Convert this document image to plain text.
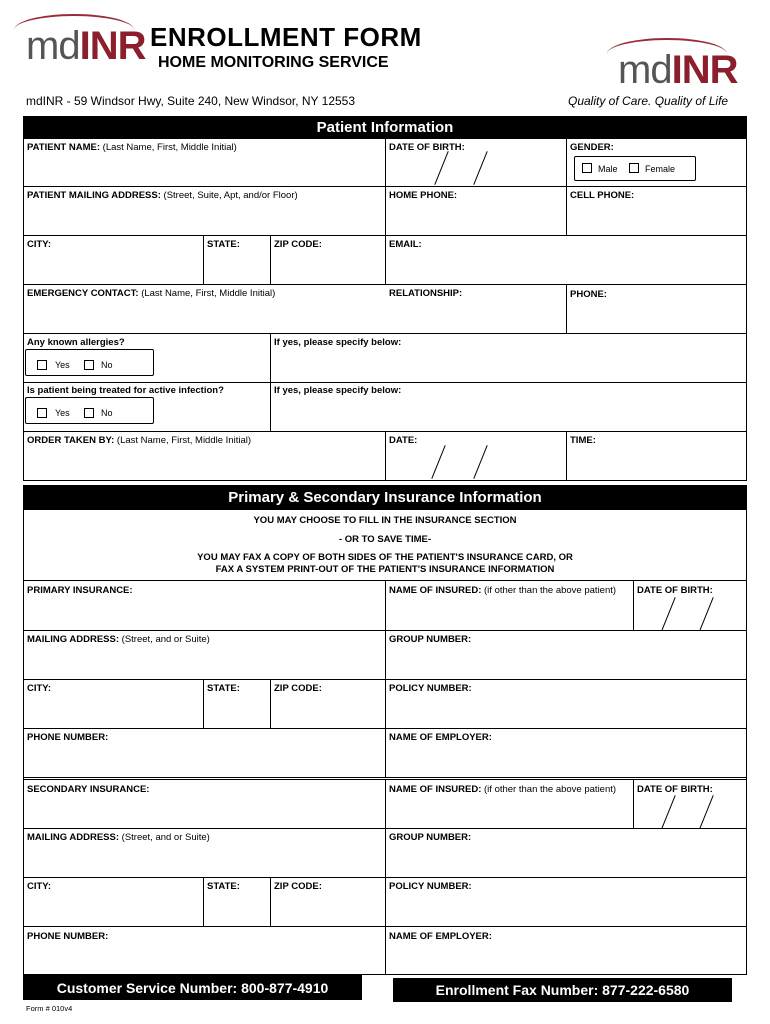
mdINR
mdINR
ENROLLMENT FORM
HOME MONITORING SERVICE
mdINR - 59 Windsor Hwy, Suite 240, New Windsor, NY 12553	Quality of Care. Quality of Life
Patient Information
PATIENT NAME: (Last Name, First, Middle Initial)	DATE OF BIRTH:	GENDER:
Male	Female
PATIENT MAILING ADDRESS: (Street, Suite, Apt, and/or Floor)	HOME PHONE:	CELL PHONE:
CITY:	STATE:	ZIP CODE:	EMAIL:
EMERGENCY CONTACT: (Last Name, First, Middle Initial)	RELATIONSHIP:	PHONE:
Any known allergies?	If yes, please specify below:
Yes	No
Is patient being treated for active infection?	If yes, please specify below:
Yes	No
ORDER TAKEN BY: (Last Name, First, Middle Initial)	DATE:	TIME:
Primary & Secondary Insurance Information
YOU MAY CHOOSE TO FILL IN THE INSURANCE SECTION
- OR TO SAVE TIME-
YOU MAY FAX A COPY OF BOTH SIDES OF THE PATIENT'S INSURANCE CARD, OR
FAX A SYSTEM PRINT-OUT OF THE PATIENT'S INSURANCE INFORMATION
PRIMARY INSURANCE:	NAME OF INSURED: (if other than the above patient) DATE OF BIRTH:
MAILING ADDRESS: (Street, and or Suite)	GROUP NUMBER:
CITY:	STATE:	ZIP CODE:	POLICY NUMBER:
PHONE NUMBER:	NAME OF EMPLOYER:
SECONDARY INSURANCE:	NAME OF INSURED: (if other than the above patient) DATE OF BIRTH:
MAILING ADDRESS: (Street, and or Suite)	GROUP NUMBER:
CITY:	STATE:	ZIP CODE:	POLICY NUMBER:
PHONE NUMBER:	NAME OF EMPLOYER:
Customer Service Number: 800-877-4910	Enrollment Fax Number: 877-222-6580
Form # 010v4
